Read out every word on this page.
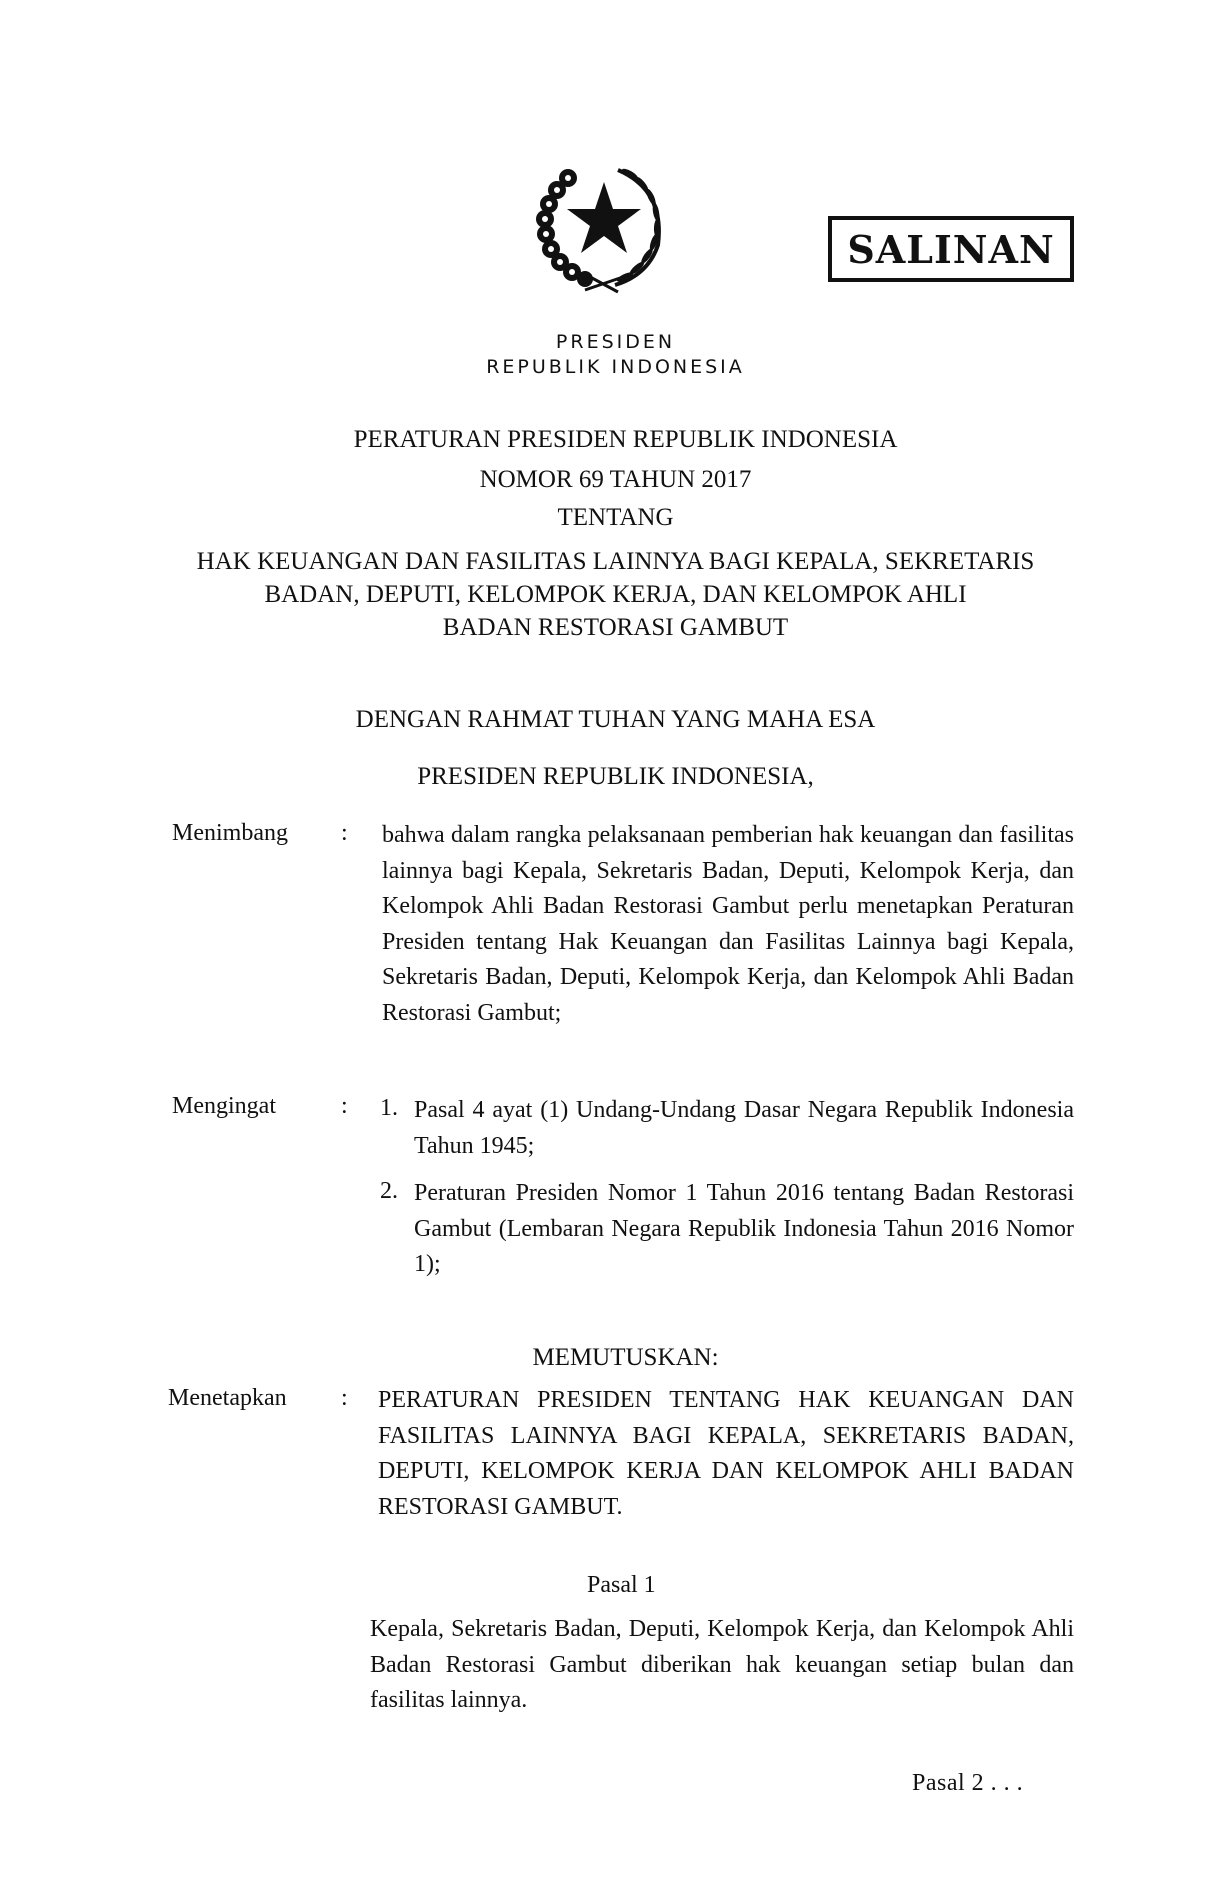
SALINAN
PRESIDEN
REPUBLIK INDONESIA
PERATURAN PRESIDEN REPUBLIK INDONESIA
NOMOR 69 TAHUN 2017
TENTANG
HAK KEUANGAN DAN FASILITAS LAINNYA BAGI KEPALA, SEKRETARIS
BADAN, DEPUTI, KELOMPOK KERJA, DAN KELOMPOK AHLI
BADAN RESTORASI GAMBUT
DENGAN RAHMAT TUHAN YANG MAHA ESA
PRESIDEN REPUBLIK INDONESIA,
Menimbang : bahwa dalam rangka pelaksanaan pemberian hak keuangan dan fasilitas lainnya bagi Kepala, Sekretaris Badan, Deputi, Kelompok Kerja, dan Kelompok Ahli Badan Restorasi Gambut perlu menetapkan Peraturan Presiden tentang Hak Keuangan dan Fasilitas Lainnya bagi Kepala, Sekretaris Badan, Deputi, Kelompok Kerja, dan Kelompok Ahli Badan Restorasi Gambut;
Mengingat	: 1. Pasal 4 ayat (1) Undang-Undang Dasar Negara Republik Indonesia Tahun 1945;
2. Peraturan Presiden Nomor 1 Tahun 2016 tentang Badan Restorasi Gambut (Lembaran Negara Republik Indonesia Tahun 2016 Nomor 1);
MEMUTUSKAN:
Menetapkan : PERATURAN PRESIDEN TENTANG HAK KEUANGAN DAN FASILITAS LAINNYA BAGI KEPALA, SEKRETARIS BADAN, DEPUTI, KELOMPOK KERJA DAN KELOMPOK AHLI BADAN RESTORASI GAMBUT.
Pasal 1
Kepala, Sekretaris Badan, Deputi, Kelompok Kerja, dan Kelompok Ahli Badan Restorasi Gambut diberikan hak keuangan setiap bulan dan fasilitas lainnya.
Pasal 2 . . .
